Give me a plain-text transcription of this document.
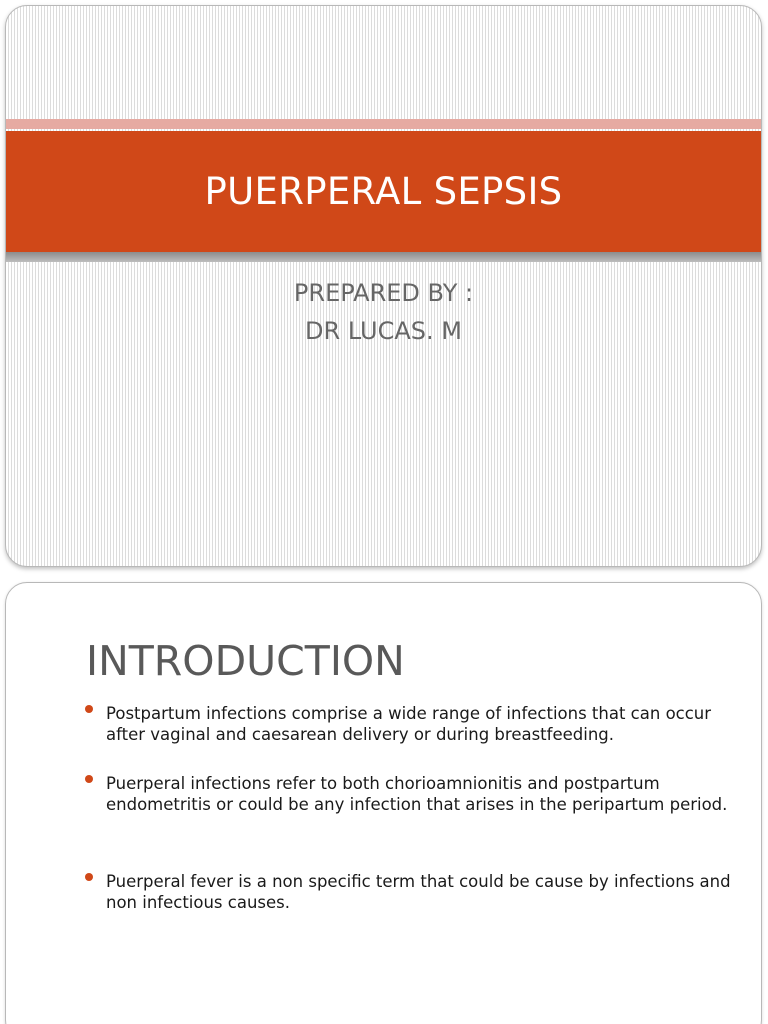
PUERPERAL SEPSIS
PREPARED BY :
DR LUCAS. M
INTRODUCTION
Postpartum infections comprise a wide range of infections that can occur after vaginal and caesarean delivery or during breastfeeding.
Puerperal infections refer to both chorioamnionitis and postpartum endometritis or could be any infection that arises in the peripartum period.
Puerperal fever is a non specific term that could be cause by infections and non infectious causes.
